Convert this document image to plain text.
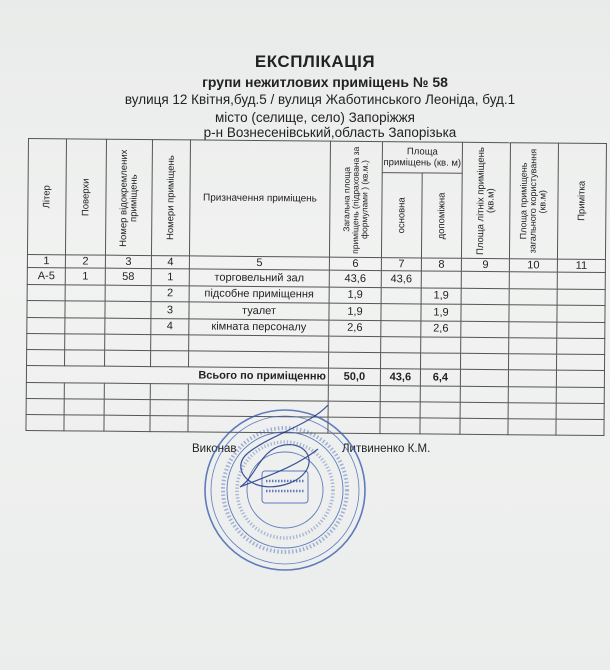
ЕКСПЛІКАЦІЯ
групи нежитлових приміщень № 58
вулиця 12 Квітня,буд.5 / вулиця Жаботинського Леоніда, буд.1
місто (селище, село) Запоріжжя
р-н Вознесенівський,область Запорізька
Літер	Поверхи	Номер відокремлених приміщень	Номери приміщень	Призначення приміщень	Загальна площа приміщень (підрахована за формулами ) (кв.м.)	Площа приміщень (кв. м)		Площа літніх приміщень (кв.м)	Площа приміщень загального користування (кв.м)	Примітка

						основна	допоміжна			

1	2	3	4	5	6	7	8	9	10	11
А-5	1	58	1	торговельний зал	43,6	43,6				
			2	підсобне приміщення	1,9		1,9			
			3	туалет	1,9		1,9			
			4	кімната персоналу	2,6		2,6			

Всього по приміщенню					50,0	43,6	6,4			

Виконав	Литвиненко К.М.
